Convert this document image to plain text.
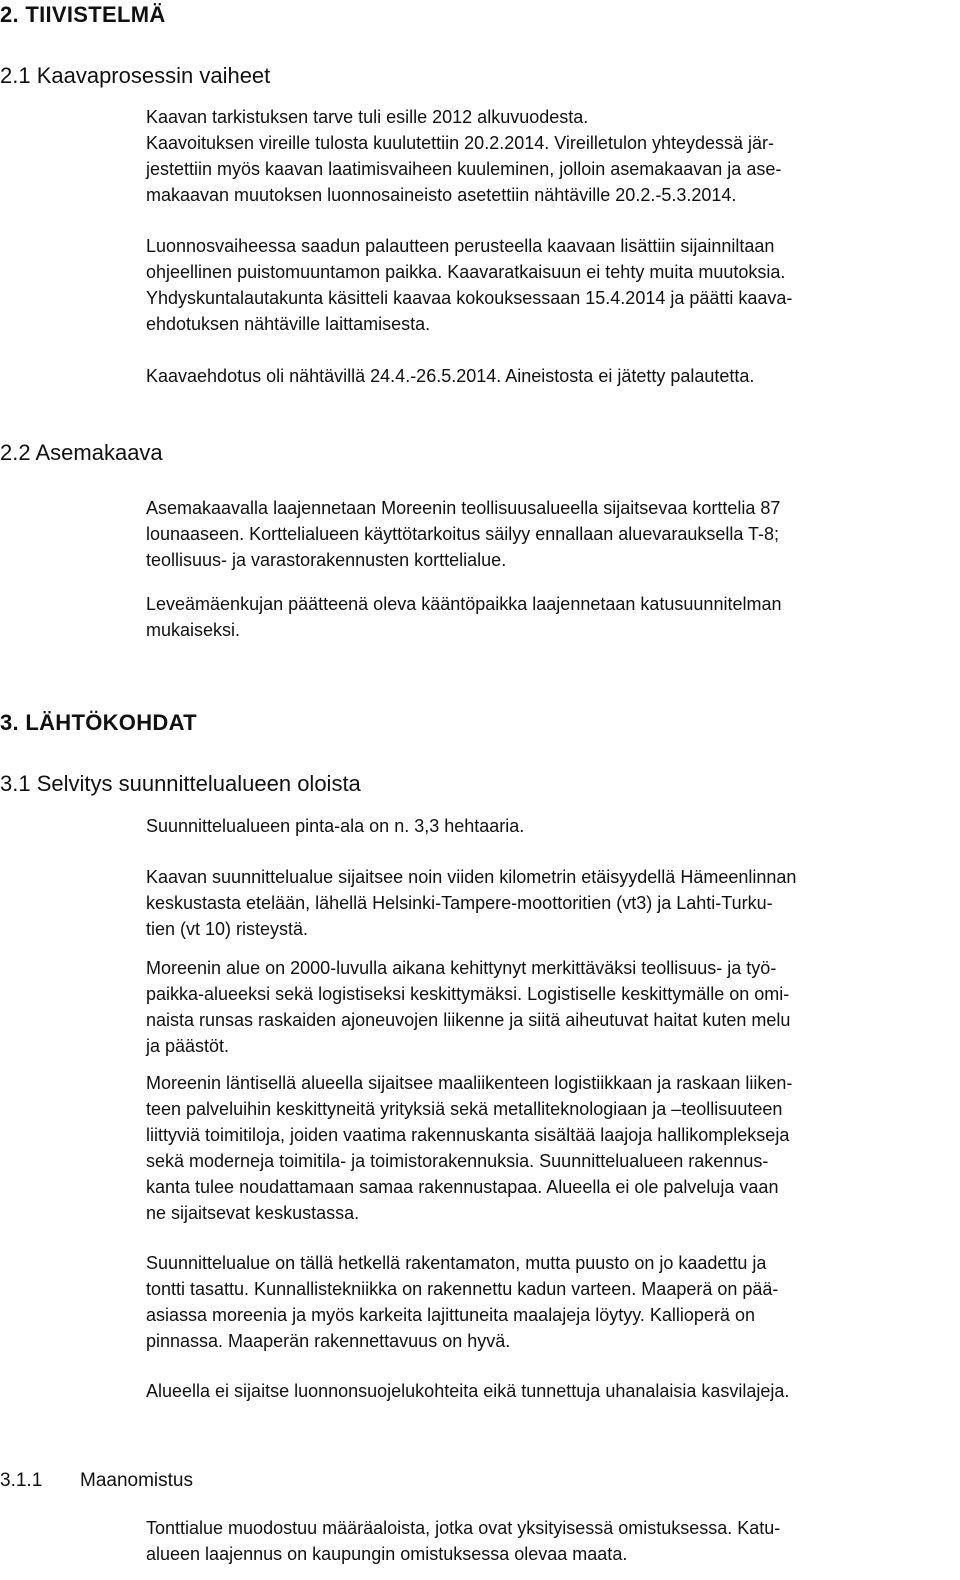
2. TIIVISTELMÄ
2.1 Kaavaprosessin vaiheet

Kaavan tarkistuksen tarve tuli esille 2012 alkuvuodesta.
Kaavoituksen vireille tulosta kuulutettiin 20.2.2014. Vireilletulon yhteydessä jär-
jestettiin myös kaavan laatimisvaiheen kuuleminen, jolloin asemakaavan ja ase-
makaavan muutoksen luonnosaineisto asetettiin nähtäville 20.2.-5.3.2014.

Luonnosvaiheessa saadun palautteen perusteella kaavaan lisättiin sijainniltaan
ohjeellinen puistomuuntamon paikka. Kaavaratkaisuun ei tehty muita muutoksia.
Yhdyskuntalautakunta käsitteli kaavaa kokouksessaan 15.4.2014 ja päätti kaava-
ehdotuksen nähtäville laittamisesta.

Kaavaehdotus oli nähtävillä 24.4.-26.5.2014. Aineistosta ei jätetty palautetta.

2.2 Asemakaava

Asemakaavalla laajennetaan Moreenin teollisuusalueella sijaitsevaa korttelia 87
lounaaseen. Korttelialueen käyttötarkoitus säilyy ennallaan aluevarauksella T-8;
teollisuus- ja varastorakennusten korttelialue.

Leveämäenkujan päätteenä oleva kääntöpaikka laajennetaan katusuunnitelman
mukaiseksi.

3. LÄHTÖKOHDAT
3.1 Selvitys suunnittelualueen oloista

Suunnittelualueen pinta-ala on n. 3,3 hehtaaria.

Kaavan suunnittelualue sijaitsee noin viiden kilometrin etäisyydellä Hämeenlinnan
keskustasta etelään, lähellä Helsinki-Tampere-moottoritien (vt3) ja Lahti-Turku-
tien (vt 10) risteystä.

Moreenin alue on 2000-luvulla aikana kehittynyt merkittäväksi teollisuus- ja työ-
paikka-alueeksi sekä logistiseksi keskittymäksi. Logistiselle keskittymälle on omi-
naista runsas raskaiden ajoneuvojen liikenne ja siitä aiheutuvat haitat kuten melu
ja päästöt.

Moreenin läntisellä alueella sijaitsee maaliikenteen logistiikkaan ja raskaan liiken-
teen palveluihin keskittyneitä yrityksiä sekä metalliteknologiaan ja –teollisuuteen
liittyviä toimitiloja, joiden vaatima rakennuskanta sisältää laajoja hallikomplekseja
sekä moderneja toimitila- ja toimistorakennuksia. Suunnittelualueen rakennus-
kanta tulee noudattamaan samaa rakennustapaa. Alueella ei ole palveluja vaan
ne sijaitsevat keskustassa.

Suunnittelualue on tällä hetkellä rakentamaton, mutta puusto on jo kaadettu ja
tontti tasattu. Kunnallistekniikka on rakennettu kadun varteen. Maaperä on pää-
asiassa moreenia ja myös karkeita lajittuneita maalajeja löytyy. Kallioperä on
pinnassa. Maaperän rakennettavuus on hyvä.

Alueella ei sijaitse luonnonsuojelukohteita eikä tunnettuja uhanalaisia kasvilajeja.

3.1.1 Maanomistus

Tonttialue muodostuu määräaloista, jotka ovat yksityisessä omistuksessa. Katu-
alueen laajennus on kaupungin omistuksessa olevaa maata.
